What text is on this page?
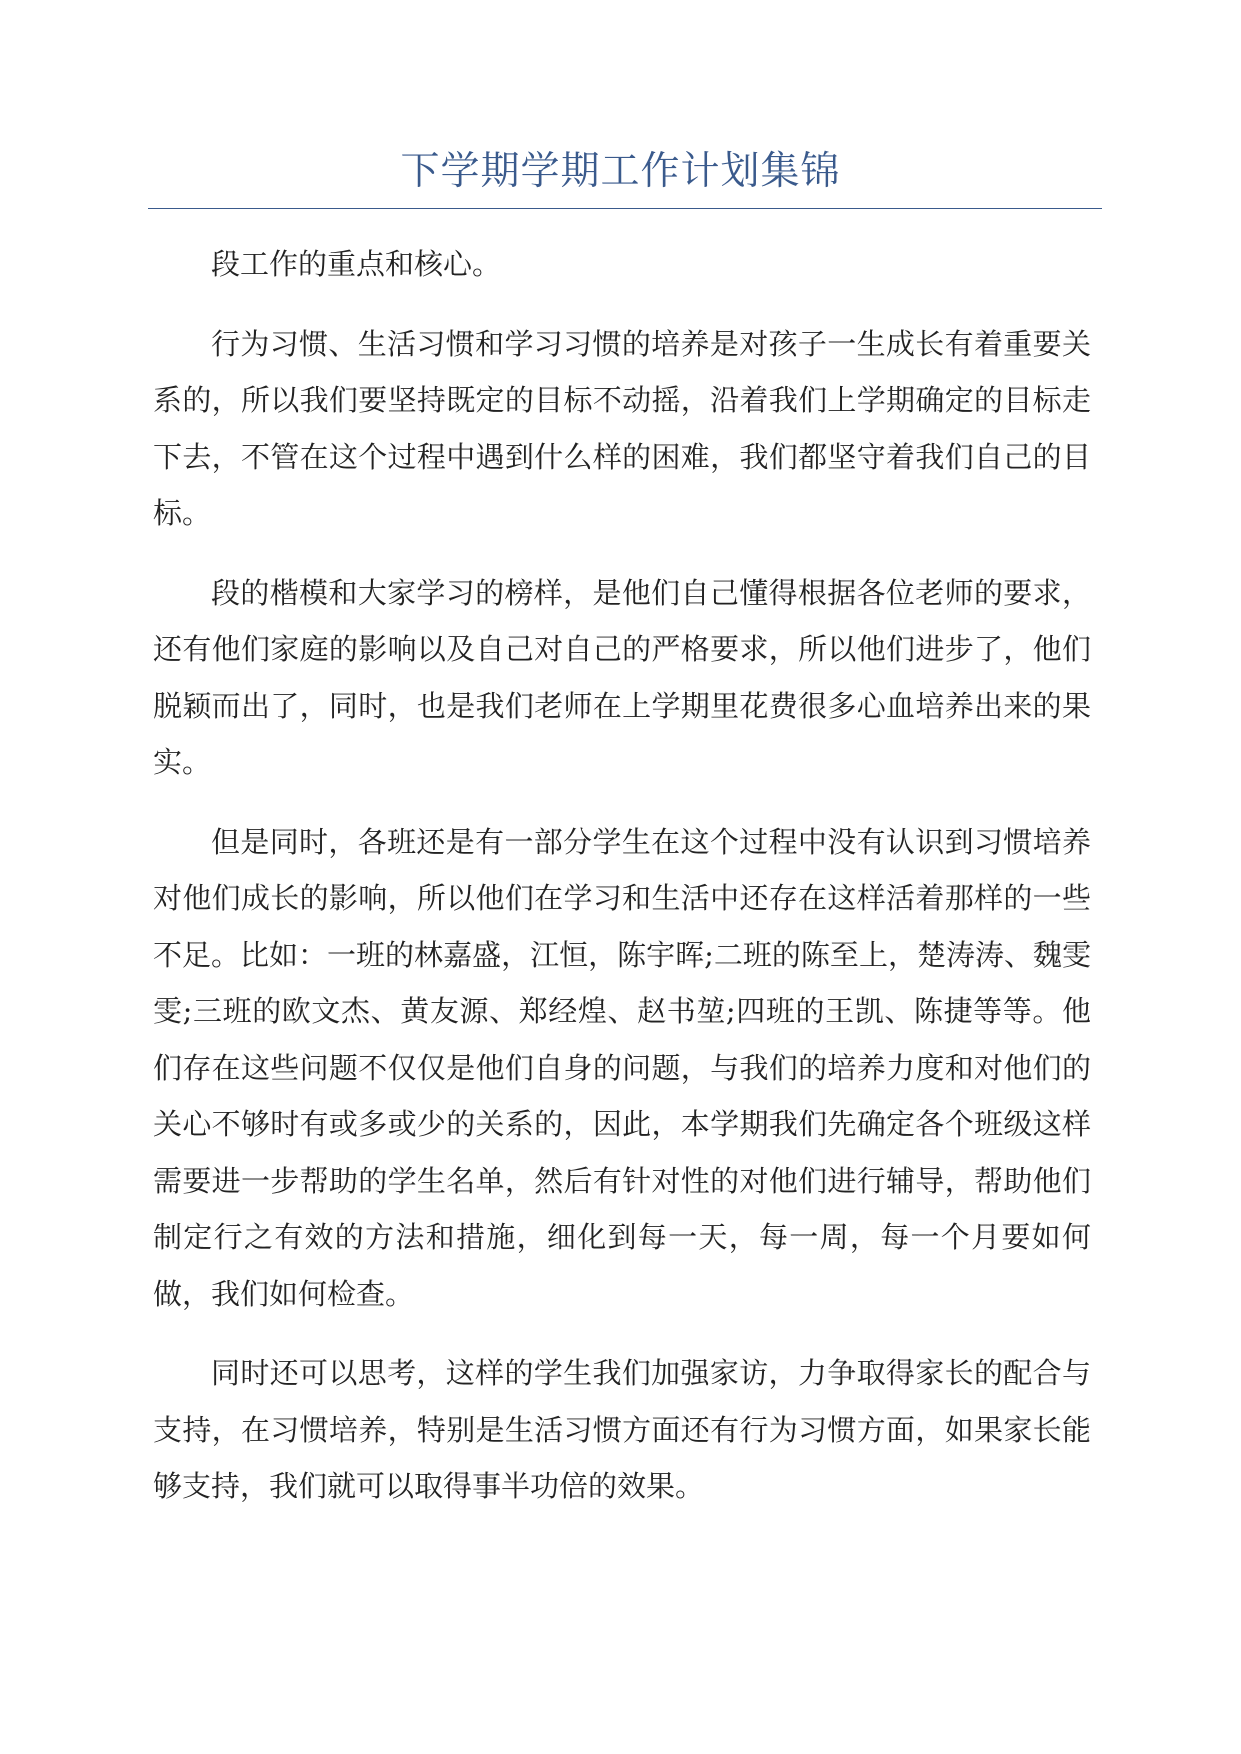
下学期学期工作计划集锦

段工作的重点和核心。

行为习惯、生活习惯和学习习惯的培养是对孩子一生成长有着重要关系的，所以我们要坚持既定的目标不动摇，沿着我们上学期确定的目标走下去，不管在这个过程中遇到什么样的困难，我们都坚守着我们自己的目标。

段的楷模和大家学习的榜样，是他们自己懂得根据各位老师的要求，还有他们家庭的影响以及自己对自己的严格要求，所以他们进步了，他们脱颖而出了，同时，也是我们老师在上学期里花费很多心血培养出来的果实。

但是同时，各班还是有一部分学生在这个过程中没有认识到习惯培养对他们成长的影响，所以他们在学习和生活中还存在这样活着那样的一些不足。比如：一班的林嘉盛，江恒，陈宇晖;二班的陈至上，楚涛涛、魏雯雯;三班的欧文杰、黄友源、郑经煌、赵书堃;四班的王凯、陈捷等等。他们存在这些问题不仅仅是他们自身的问题，与我们的培养力度和对他们的关心不够时有或多或少的关系的，因此，本学期我们先确定各个班级这样需要进一步帮助的学生名单，然后有针对性的对他们进行辅导，帮助他们制定行之有效的方法和措施，细化到每一天，每一周，每一个月要如何做，我们如何检查。

同时还可以思考，这样的学生我们加强家访，力争取得家长的配合与支持，在习惯培养，特别是生活习惯方面还有行为习惯方面，如果家长能够支持，我们就可以取得事半功倍的效果。
